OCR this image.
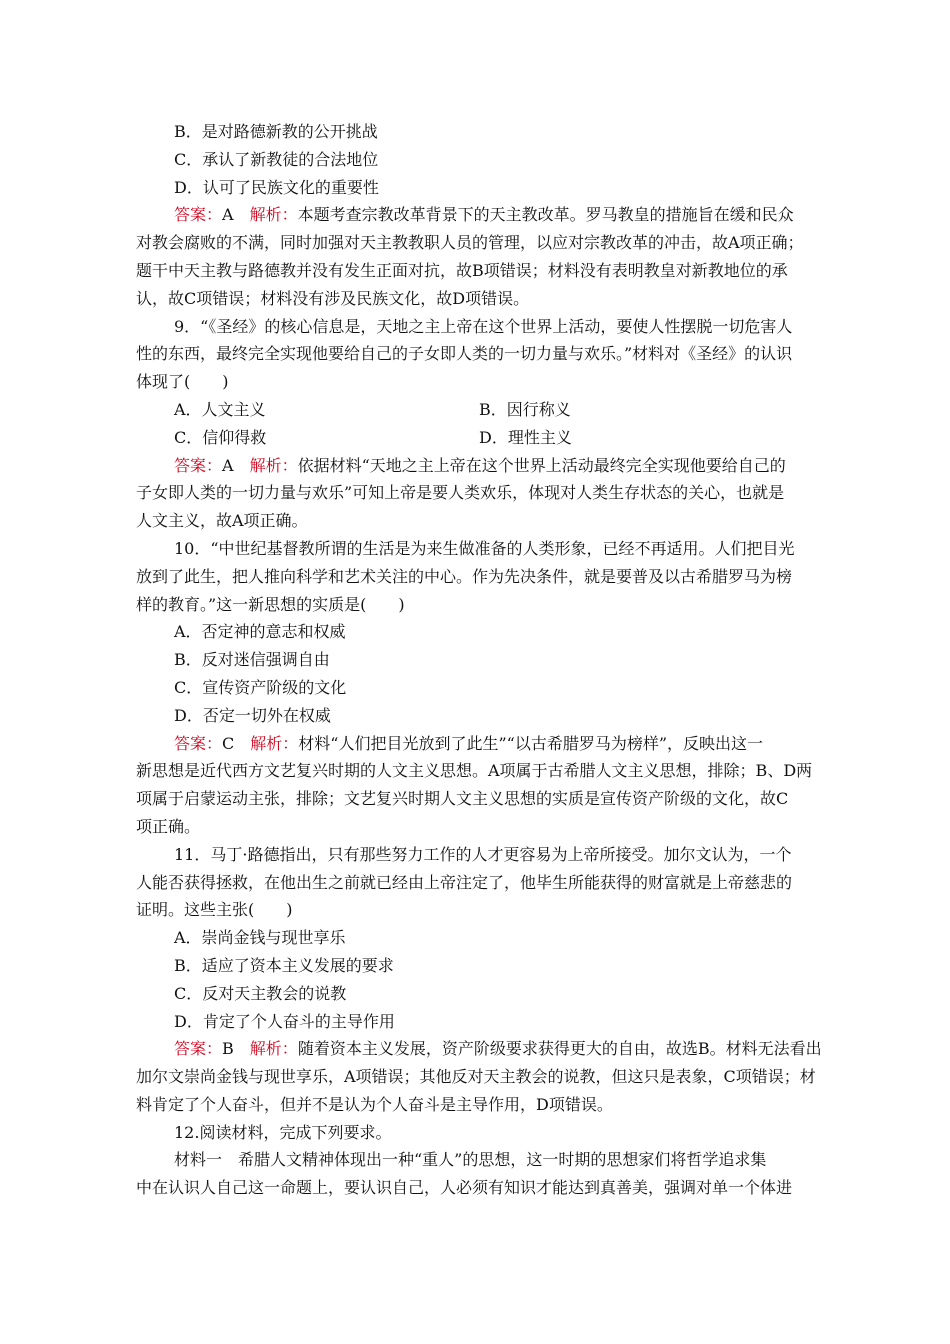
B．是对路德新教的公开挑战
C．承认了新教徒的合法地位
D．认可了民族文化的重要性
答案：A　 解析：本题考查宗教改革背景下的天主教改革。罗马教皇的措施旨在缓和民众
对教会腐败的不满，同时加强对天主教教职人员的管理，以应对宗教改革的冲击，故A项正确；
题干中天主教与路德教并没有发生正面对抗，故B项错误；材料没有表明教皇对新教地位的承
认，故C项错误；材料没有涉及民族文化，故D项错误。
9．“《圣经》的核心信息是，天地之主上帝在这个世界上活动，要使人性摆脱一切危害人
性的东西，最终完全实现他要给自己的子女即人类的一切力量与欢乐。”材料对《圣经》的认识
体现了(　　)
A．人文主义	B．因行称义
C．信仰得救	D．理性主义
答案：A　 解析：依据材料“天地之主上帝在这个世界上活动最终完全实现他要给自己的
子女即人类的一切力量与欢乐”可知上帝是要人类欢乐，体现对人类生存状态的关心，也就是
人文主义，故A项正确。
10．“中世纪基督教所谓的生活是为来生做准备的人类形象，已经不再适用。人们把目光
放到了此生，把人推向科学和艺术关注的中心。作为先决条件，就是要普及以古希腊罗马为榜
样的教育。”这一新思想的实质是(　　)
A．否定神的意志和权威
B．反对迷信强调自由
C．宣传资产阶级的文化
D．否定一切外在权威
答案：C　 解析：材料“人们把目光放到了此生”“以古希腊罗马为榜样”，反映出这一
新思想是近代西方文艺复兴时期的人文主义思想。A项属于古希腊人文主义思想，排除；B、D两
项属于启蒙运动主张，排除；文艺复兴时期人文主义思想的实质是宣传资产阶级的文化，故C
项正确。
11．马丁·路德指出，只有那些努力工作的人才更容易为上帝所接受。加尔文认为，一个
人能否获得拯救，在他出生之前就已经由上帝注定了，他毕生所能获得的财富就是上帝慈悲的
证明。这些主张(　　)
A．崇尚金钱与现世享乐
B．适应了资本主义发展的要求
C．反对天主教会的说教
D．肯定了个人奋斗的主导作用
答案：B　 解析：随着资本主义发展，资产阶级要求获得更大的自由，故选B。材料无法看出
加尔文崇尚金钱与现世享乐，A项错误；其他反对天主教会的说教，但这只是表象，C项错误；材
料肯定了个人奋斗，但并不是认为个人奋斗是主导作用，D项错误。
12.阅读材料，完成下列要求。
材料一　希腊人文精神体现出一种“重人”的思想，这一时期的思想家们将哲学追求集
中在认识人自己这一命题上，要认识自己，人必须有知识才能达到真善美，强调对单一个体进
